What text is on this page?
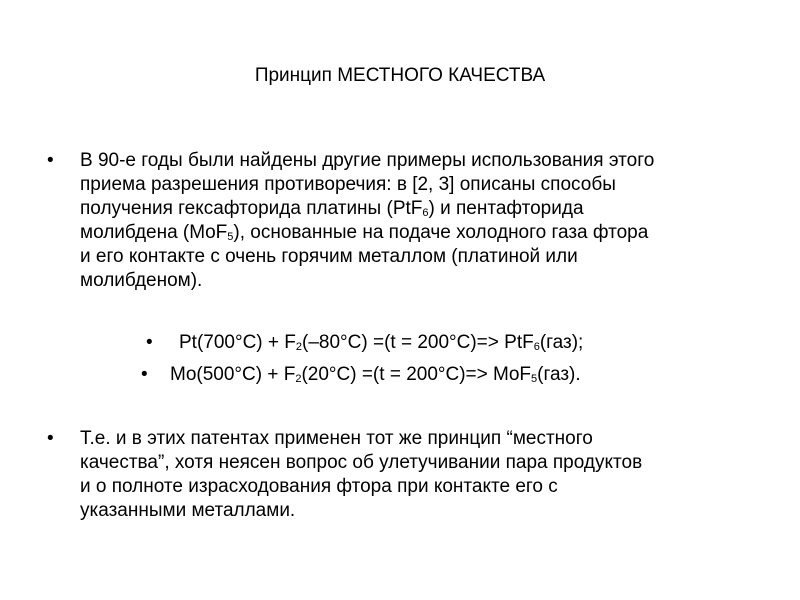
Принцип МЕСТНОГО КАЧЕСТВА
•	В 90-е годы были найдены другие примеры использования этого
приема разрешения противоречия: в [2, 3] описаны способы
получения гексафторида платины (PtF$_6$) и пентафторида
молибдена (MoF$_5$), основанные на подаче холодного газа фтора
и его контакте с очень горячим металлом (платиной или
молибденом).
•	$Pt(700^\circ C) + F_2(-80^\circ C) =(t = 200^\circ C)=> PtF_6(газ)$;
•	$Mo(500^\circ C) + F_2(20^\circ C) =(t = 200^\circ C)=> MoF_5(газ)$.
•	Т.е. и в этих патентах применен тот же принцип “местного
качества”, хотя неясен вопрос об улетучивании пара продуктов
и о полноте израсходования фтора при контакте его с
указанными металлами.
